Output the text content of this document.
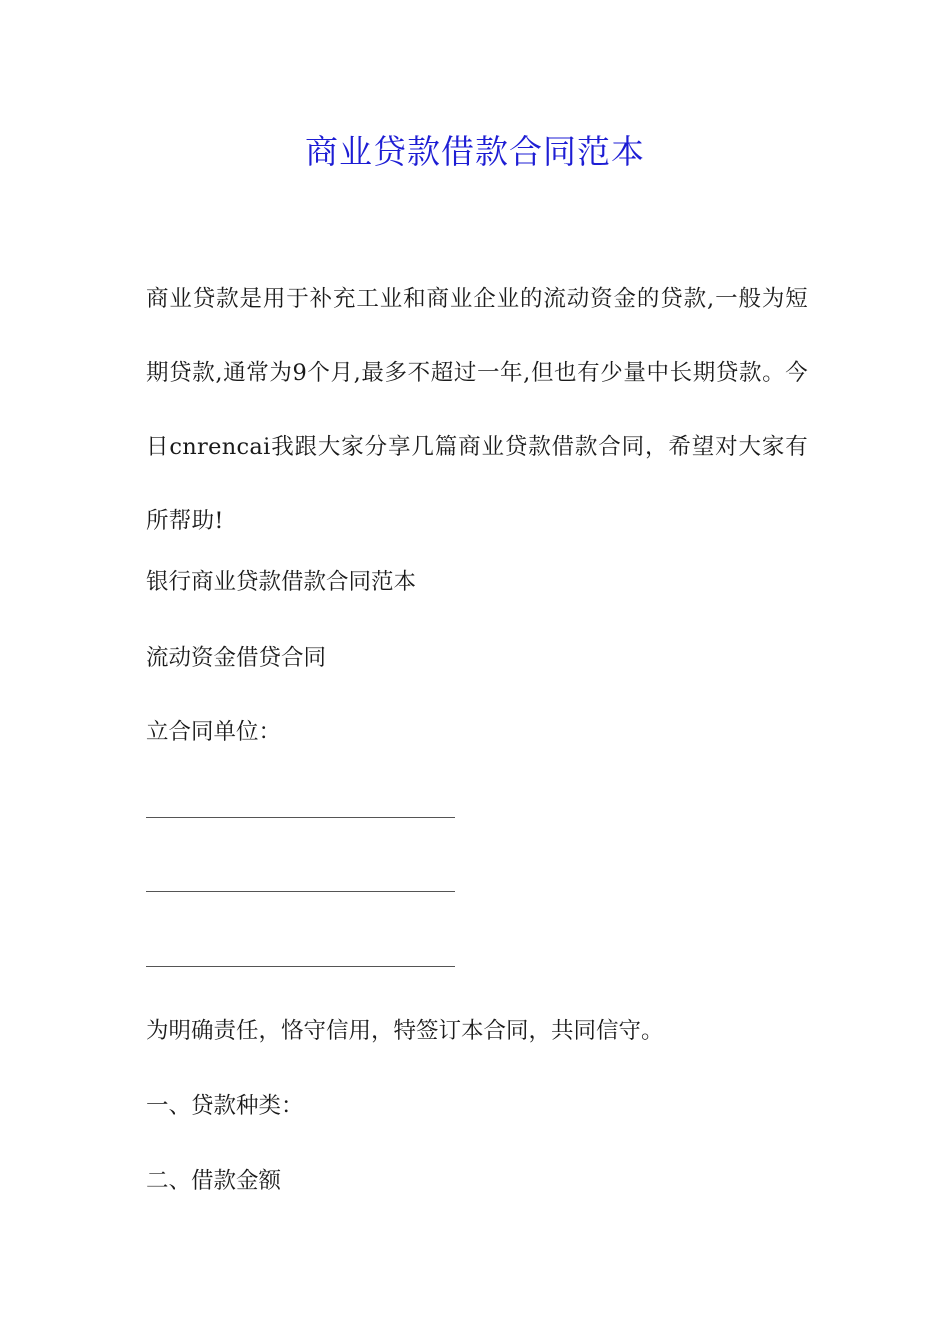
商业贷款借款合同范本

商业贷款是用于补充工业和商业企业的流动资金的贷款,一般为短期贷款,通常为9个月,最多不超过一年,但也有少量中长期贷款。今日cnrencai我跟大家分享几篇商业贷款借款合同，希望对大家有所帮助!

银行商业贷款借款合同范本

流动资金借贷合同

立合同单位：

为明确责任，恪守信用，特签订本合同，共同信守。

一、贷款种类：

二、借款金额
